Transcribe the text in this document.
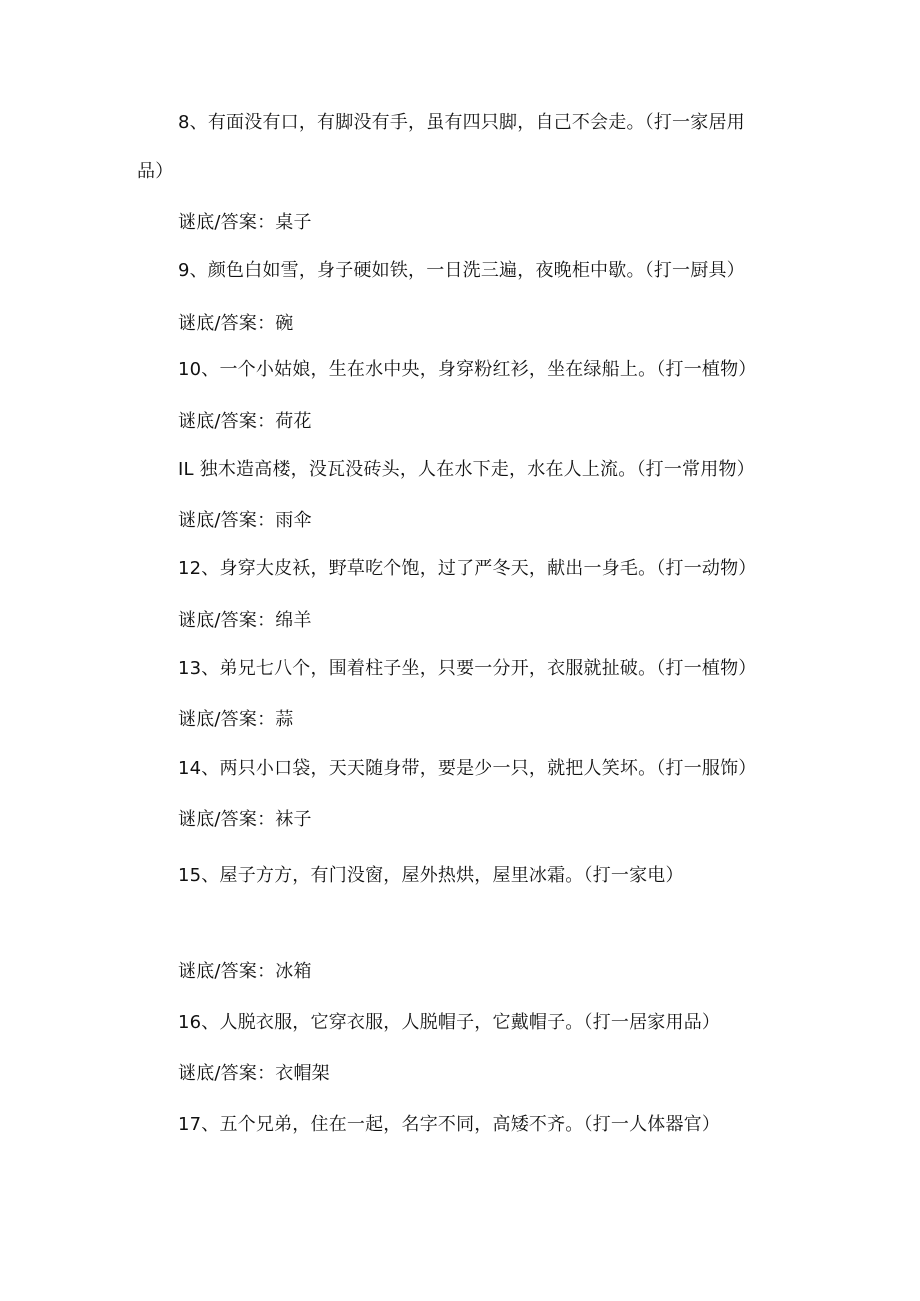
8、有面没有口，有脚没有手，虽有四只脚，自己不会走。（打一家居用
品）
谜底/答案：桌子
9、颜色白如雪，身子硬如铁，一日洗三遍，夜晚柜中歇。（打一厨具）
谜底/答案：碗
10、一个小姑娘，生在水中央，身穿粉红衫，坐在绿船上。（打一植物）
谜底/答案：荷花
IL 独木造高楼，没瓦没砖头，人在水下走，水在人上流。（打一常用物）
谜底/答案：雨伞
12、身穿大皮袄，野草吃个饱，过了严冬天，献出一身毛。（打一动物）
谜底/答案：绵羊
13、弟兄七八个，围着柱子坐，只要一分开，衣服就扯破。（打一植物）
谜底/答案：蒜
14、两只小口袋，天天随身带，要是少一只，就把人笑坏。（打一服饰）
谜底/答案：袜子
15、屋子方方，有门没窗，屋外热烘，屋里冰霜。（打一家电）
谜底/答案：冰箱
16、人脱衣服，它穿衣服，人脱帽子，它戴帽子。（打一居家用品）
谜底/答案：衣帽架
17、五个兄弟，住在一起，名字不同，高矮不齐。（打一人体器官）
